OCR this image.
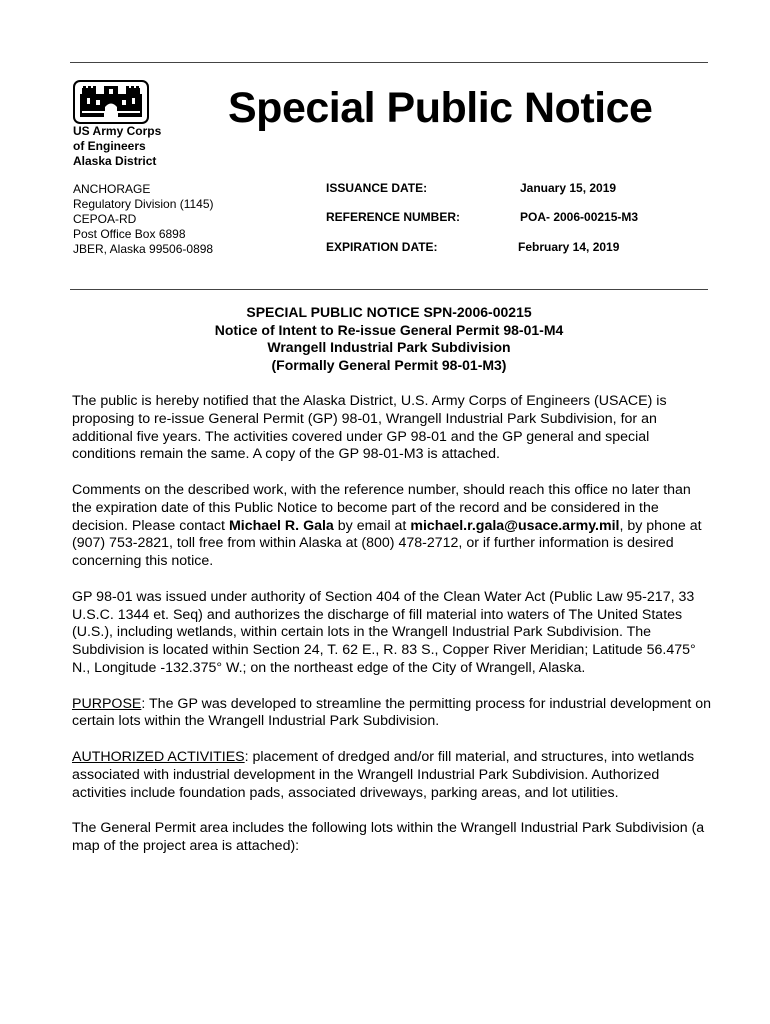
US Army Corps
of Engineers
Alaska District
Special Public Notice
ANCHORAGE
Regulatory Division (1145)
CEPOA-RD
Post Office Box 6898
JBER, Alaska 99506-0898
ISSUANCE DATE:	January 15, 2019
REFERENCE NUMBER:	POA- 2006-00215-M3
EXPIRATION DATE:	February 14, 2019
SPECIAL PUBLIC NOTICE SPN-2006-00215
Notice of Intent to Re-issue General Permit 98-01-M4
Wrangell Industrial Park Subdivision
(Formally General Permit 98-01-M3)

The public is hereby notified that the Alaska District, U.S. Army Corps of Engineers (USACE) is proposing to re-issue General Permit (GP) 98-01, Wrangell Industrial Park Subdivision, for an additional five years. The activities covered under GP 98-01 and the GP general and special conditions remain the same. A copy of the GP 98-01-M3 is attached.

Comments on the described work, with the reference number, should reach this office no later than the expiration date of this Public Notice to become part of the record and be considered in the decision. Please contact Michael R. Gala by email at michael.r.gala@usace.army.mil, by phone at (907) 753-2821, toll free from within Alaska at (800) 478-2712, or if further information is desired concerning this notice.

GP 98-01 was issued under authority of Section 404 of the Clean Water Act (Public Law 95-217, 33 U.S.C. 1344 et. Seq) and authorizes the discharge of fill material into waters of The United States (U.S.), including wetlands, within certain lots in the Wrangell Industrial Park Subdivision. The Subdivision is located within Section 24, T. 62 E., R. 83 S., Copper River Meridian; Latitude 56.475° N., Longitude -132.375° W.; on the northeast edge of the City of Wrangell, Alaska.

PURPOSE: The GP was developed to streamline the permitting process for industrial development on certain lots within the Wrangell Industrial Park Subdivision.

AUTHORIZED ACTIVITIES: placement of dredged and/or fill material, and structures, into wetlands associated with industrial development in the Wrangell Industrial Park Subdivision. Authorized activities include foundation pads, associated driveways, parking areas, and lot utilities.

The General Permit area includes the following lots within the Wrangell Industrial Park Subdivision (a map of the project area is attached):
